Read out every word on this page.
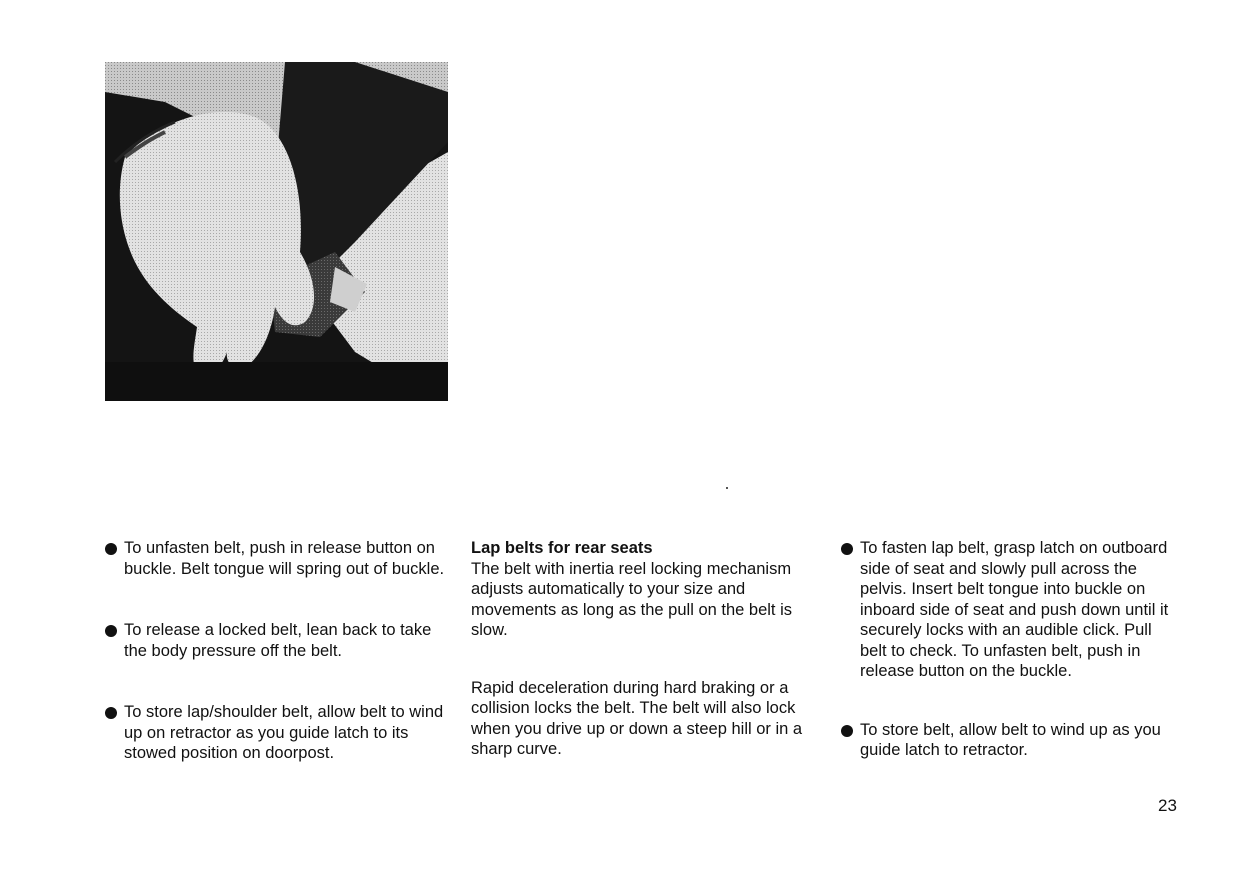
To unfasten belt, push in release button on buckle. Belt tongue will spring out of buckle.

To release a locked belt, lean back to take the body pressure off the belt.

To store lap/shoulder belt, allow belt to wind up on retractor as you guide latch to its stowed position on doorpost.

Lap belts for rear seats

The belt with inertia reel locking mechanism adjusts automatically to your size and movements as long as the pull on the belt is slow.

Rapid deceleration during hard braking or a collision locks the belt. The belt will also lock when you drive up or down a steep hill or in a sharp curve.

To fasten lap belt, grasp latch on outboard side of seat and slowly pull across the pelvis. Insert belt tongue into buckle on inboard side of seat and push down until it securely locks with an audible click. Pull belt to check. To unfasten belt, push in release button on the buckle.

To store belt, allow belt to wind up as you guide latch to retractor.

23
